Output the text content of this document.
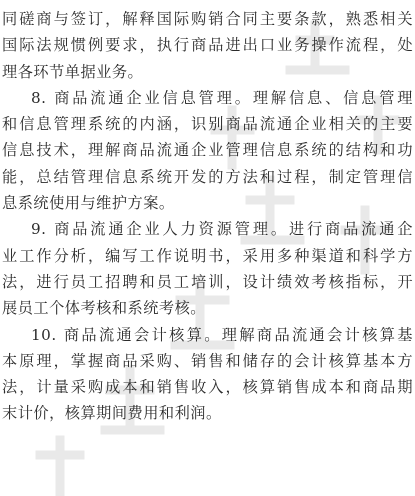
同磋商与签订，解释国际购销合同主要条款，熟悉相关
国际法规惯例要求，执行商品进出口业务操作流程，处
理各环节单据业务。
8. 商品流通企业信息管理。理解信息、信息管理
和信息管理系统的内涵，识别商品流通企业相关的主要
信息技术，理解商品流通企业管理信息系统的结构和功
能，总结管理信息系统开发的方法和过程，制定管理信
息系统使用与维护方案。
9. 商品流通企业人力资源管理。进行商品流通企
业工作分析，编写工作说明书，采用多种渠道和科学方
法，进行员工招聘和员工培训，设计绩效考核指标，开
展员工个体考核和系统考核。
10. 商品流通会计核算。理解商品流通会计核算基
本原理，掌握商品采购、销售和储存的会计核算基本方
法，计量采购成本和销售收入，核算销售成本和商品期
末计价，核算期间费用和利润。
